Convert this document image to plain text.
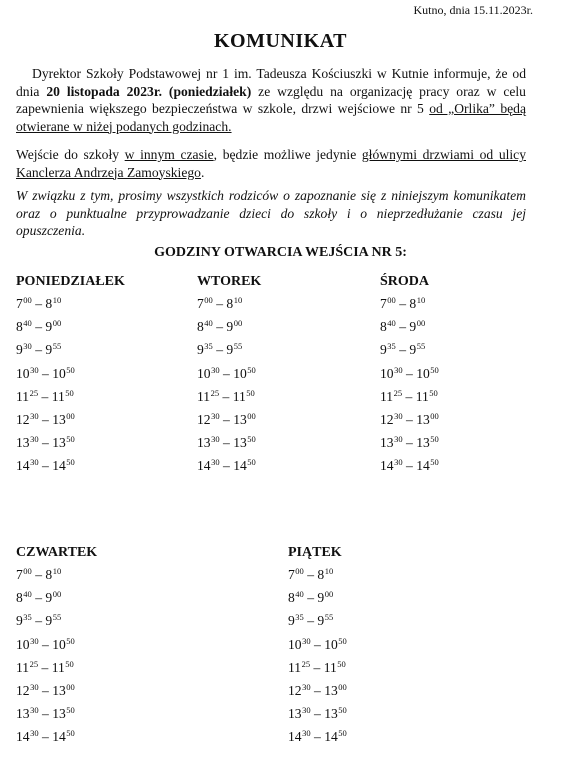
Kutno, dnia 15.11.2023r.
KOMUNIKAT
Dyrektor Szkoły Podstawowej nr 1 im. Tadeusza Kościuszki w Kutnie informuje, że od dnia 20 listopada 2023r. (poniedziałek) ze względu na organizację pracy oraz w celu zapewnienia większego bezpieczeństwa w szkole, drzwi wejściowe nr 5 od „Orlika” będą otwierane w niżej podanych godzinach.
Wejście do szkoły w innym czasie, będzie możliwe jedynie głównymi drzwiami od ulicy Kanclerza Andrzeja Zamoyskiego.
W związku z tym, prosimy wszystkich rodziców o zapoznanie się z niniejszym komunikatem oraz o punktualne przyprowadzanie dzieci do szkoły i o nieprzedłużanie czasu jej opuszczenia.
GODZINY OTWARCIA WEJŚCIA NR 5:
PONIEDZIAŁEK
$7^{00} - 8^{10}$
$8^{40} - 9^{00}$
$9^{30} - 9^{55}$
$10^{30} - 10^{50}$
$11^{25} - 11^{50}$
$12^{30} - 13^{00}$
$13^{30} - 13^{50}$
$14^{30} - 14^{50}$
WTOREK
$7^{00} - 8^{10}$
$8^{40} - 9^{00}$
$9^{35} - 9^{55}$
$10^{30} - 10^{50}$
$11^{25} - 11^{50}$
$12^{30} - 13^{00}$
$13^{30} - 13^{50}$
$14^{30} - 14^{50}$
ŚRODA
$7^{00} - 8^{10}$
$8^{40} - 9^{00}$
$9^{35} - 9^{55}$
$10^{30} - 10^{50}$
$11^{25} - 11^{50}$
$12^{30} - 13^{00}$
$13^{30} - 13^{50}$
$14^{30} - 14^{50}$
CZWARTEK
$7^{00} - 8^{10}$
$8^{40} - 9^{00}$
$9^{35} - 9^{55}$
$10^{30} - 10^{50}$
$11^{25} - 11^{50}$
$12^{30} - 13^{00}$
$13^{30} - 13^{50}$
$14^{30} - 14^{50}$
PIĄTEK
$7^{00} - 8^{10}$
$8^{40} - 9^{00}$
$9^{35} - 9^{55}$
$10^{30} - 10^{50}$
$11^{25} - 11^{50}$
$12^{30} - 13^{00}$
$13^{30} - 13^{50}$
$14^{30} - 14^{50}$
